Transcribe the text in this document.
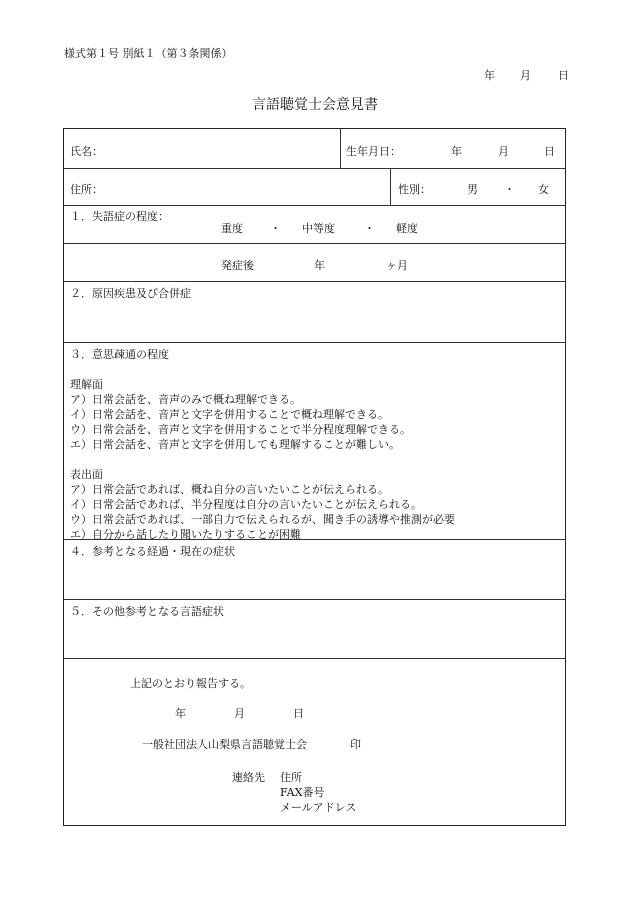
様式第１号 別紙１（第３条関係）
年 月 日
言語聴覚士会意見書
氏名：	生年月日：	年	月	日
住所：	性別：	男 ・ 女
１．失語症の程度：
重度 ・ 中等度	・ 軽度
発症後	年	ヶ月
２．原因疾患及び合併症
３．意思疎通の程度
理解面
ア）日常会話を、音声のみで概ね理解できる。
イ）日常会話を、音声と文字を併用することで概ね理解できる。
ウ）日常会話を、音声と文字を併用することで半分程度理解できる。
エ）日常会話を、音声と文字を併用しても理解することが難しい。
表出面
ア）日常会話であれば、概ね自分の言いたいことが伝えられる。
イ）日常会話であれば、半分程度は自分の言いたいことが伝えられる。
ウ）日常会話であれば、一部自力で伝えられるが、聞き手の誘導や推測が必要
エ）自分から話したり聞いたりすることが困難
４．参考となる経過・現在の症状
５．その他参考となる言語症状
上記のとおり報告する。
年	月	日
一般社団法人山梨県言語聴覚士会	印
連絡先 住所
FAX番号
メールアドレス
